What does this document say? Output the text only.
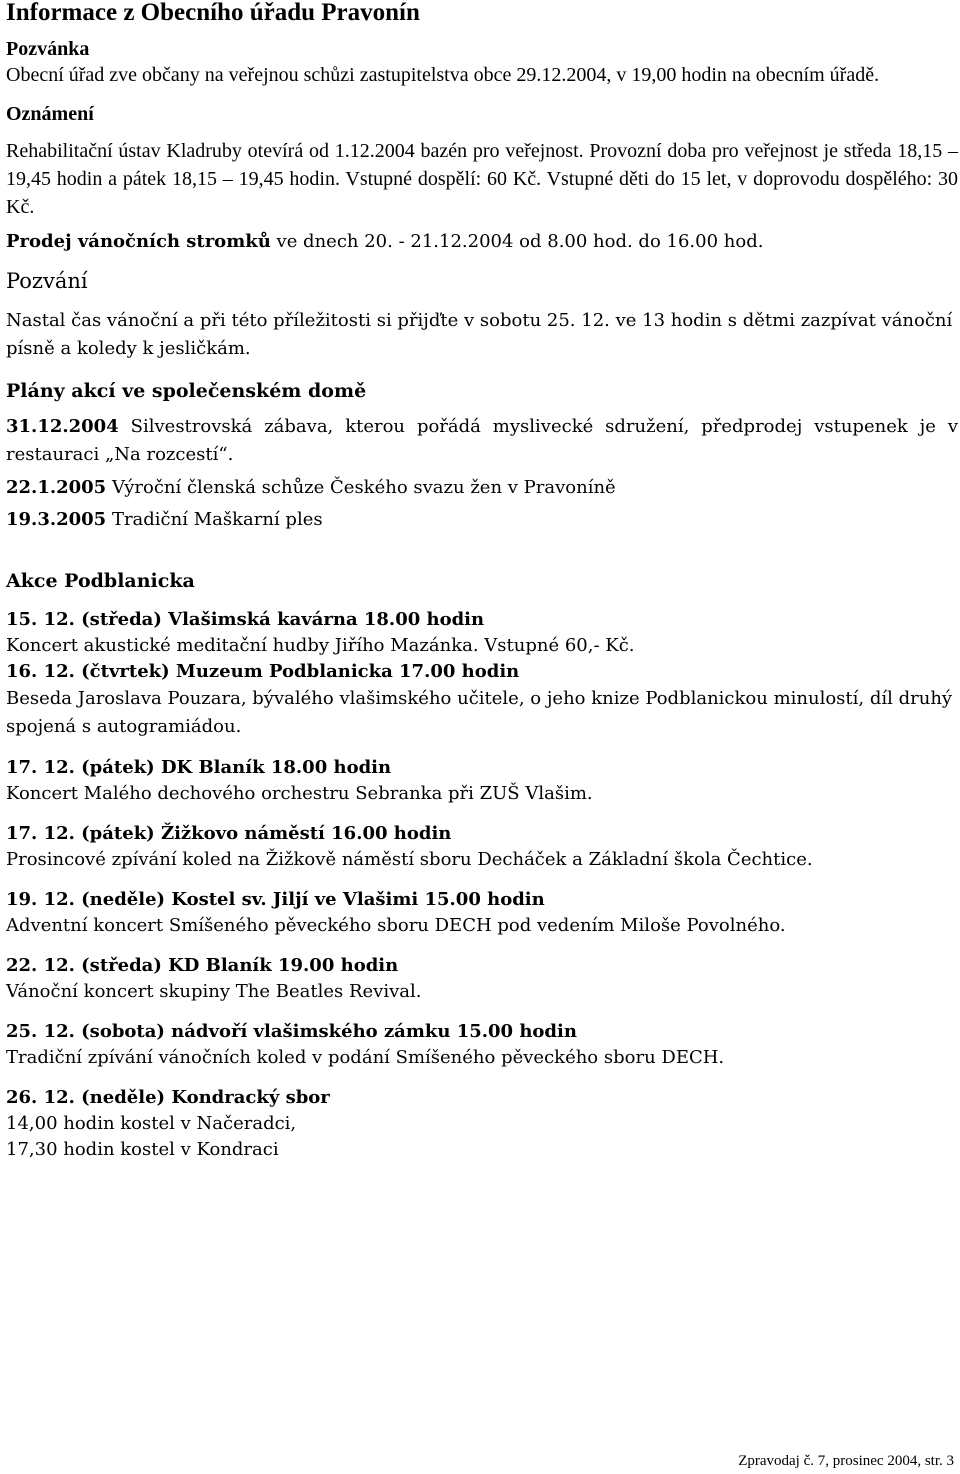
Informace z Obecního úřadu Pravonín
Pozvánka

Obecní úřad zve občany na veřejnou schůzi zastupitelstva obce 29.12.2004, v 19,00 hodin na obecním úřadě.

Oznámení

Rehabilitační ústav Kladruby otevírá od 1.12.2004 bazén pro veřejnost. Provozní doba pro veřejnost je středa 18,15 – 19,45 hodin a pátek 18,15 – 19,45 hodin. Vstupné dospělí: 60 Kč. Vstupné děti do 15 let, v doprovodu dospělého: 30 Kč.

Prodej vánočních stromků ve dnech 20. - 21.12.2004 od 8.00 hod. do 16.00 hod.

Pozvání

Nastal čas vánoční a při této příležitosti si přijďte v sobotu 25. 12. ve 13 hodin s dětmi zazpívat vánoční písně a koledy k jesličkám.

Plány akcí ve společenském domě

31.12.2004 Silvestrovská zábava, kterou pořádá myslivecké sdružení, předprodej vstupenek je v restauraci „Na rozcestí“.

22.1.2005 Výroční členská schůze Českého svazu žen v Pravoníně

19.3.2005 Tradiční Maškarní ples

Akce Podblanicka
15. 12. (středa) Vlašimská kavárna 18.00 hodin
Koncert akustické meditační hudby Jiřího Mazánka. Vstupné 60,- Kč.
16. 12. (čtvrtek) Muzeum Podblanicka 17.00 hodin
Beseda Jaroslava Pouzara, bývalého vlašimského učitele, o jeho knize Podblanickou minulostí, díl druhý spojená s autogramiádou.
17. 12. (pátek) DK Blaník 18.00 hodin
Koncert Malého dechového orchestru Sebranka při ZUŠ Vlašim.
17. 12. (pátek) Žižkovo náměstí 16.00 hodin
Prosincové zpívání koled na Žižkově náměstí sboru Decháček a Základní škola Čechtice.
19. 12. (neděle) Kostel sv. Jiljí ve Vlašimi 15.00 hodin
Adventní koncert Smíšeného pěveckého sboru DECH pod vedením Miloše Povolného.
22. 12. (středa) KD Blaník 19.00 hodin
Vánoční koncert skupiny The Beatles Revival.
25. 12. (sobota) nádvoří vlašimského zámku 15.00 hodin
Tradiční zpívání vánočních koled v podání Smíšeného pěveckého sboru DECH.
26. 12. (neděle) Kondracký sbor
14,00 hodin kostel v Načeradci,
17,30 hodin kostel v Kondraci
Zpravodaj č. 7, prosinec 2004, str. 3
